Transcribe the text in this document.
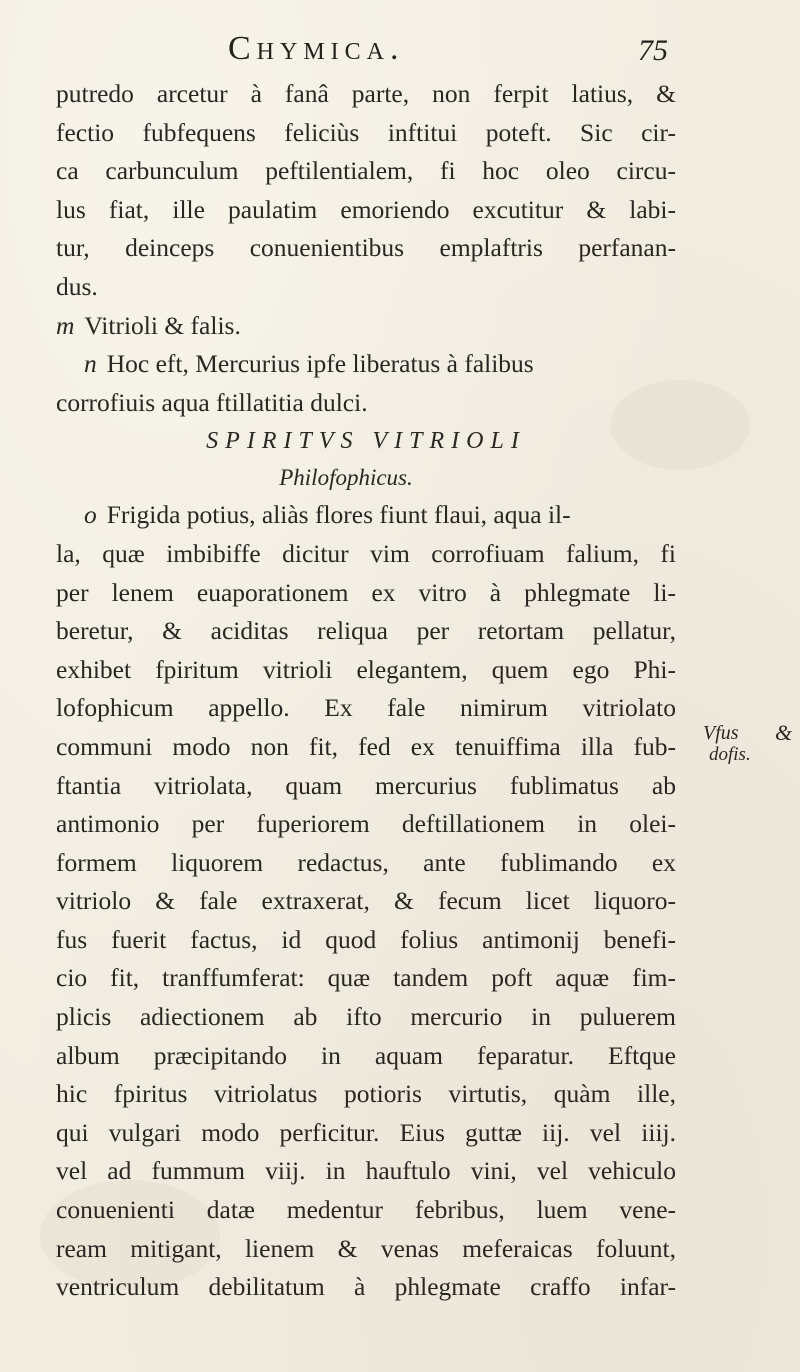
Chymica.	75
putredo arcetur à fanâ parte, non ferpit latius, &
fectio fubfequens feliciùs inftitui poteft. Sic cir-
ca carbunculum peftilentialem, fi hoc oleo circu-
lus fiat, ille paulatim emoriendo excutitur & labi-
tur, deinceps conuenientibus emplaftris perfanan-
dus.
m Vitrioli & falis.
n Hoc eft, Mercurius ipfe liberatus à falibus
corrofiuis aqua ftillatitia dulci.
SPIRITVS VITRIOLI
Philofophicus.
o Frigida potius, aliàs flores fiunt flaui, aqua il-
la, quæ imbibiffe dicitur vim corrofiuam falium, fi
per lenem euaporationem ex vitro à phlegmate li-
beretur, & aciditas reliqua per retortam pellatur,
exhibet fpiritum vitrioli elegantem, quem ego Phi-
lofophicum appello. Ex fale nimirum vitriolato
communi modo non fit, fed ex tenuiffima illa fub-
ftantia vitriolata, quam mercurius fublimatus ab
antimonio per fuperiorem deftillationem in olei-
formem liquorem redactus, ante fublimando ex
vitriolo & fale extraxerat, & fecum licet liquoro-
fus fuerit factus, id quod folius antimonij benefi-
cio fit, tranffumferat: quæ tandem poft aquæ fim-
plicis adiectionem ab ifto mercurio in puluerem
album præcipitando in aquam feparatur. Eftque
hic fpiritus vitriolatus potioris virtutis, quàm ille,
qui vulgari modo perficitur. Eius guttæ iij. vel iiij.
vel ad fummum viij. in hauftulo vini, vel vehiculo
conuenienti datæ medentur febribus, luem vene-
ream mitigant, lienem & venas meferaicas foluunt,
ventriculum debilitatum à phlegmate craffo infar-
Vfus
dofis.
&
